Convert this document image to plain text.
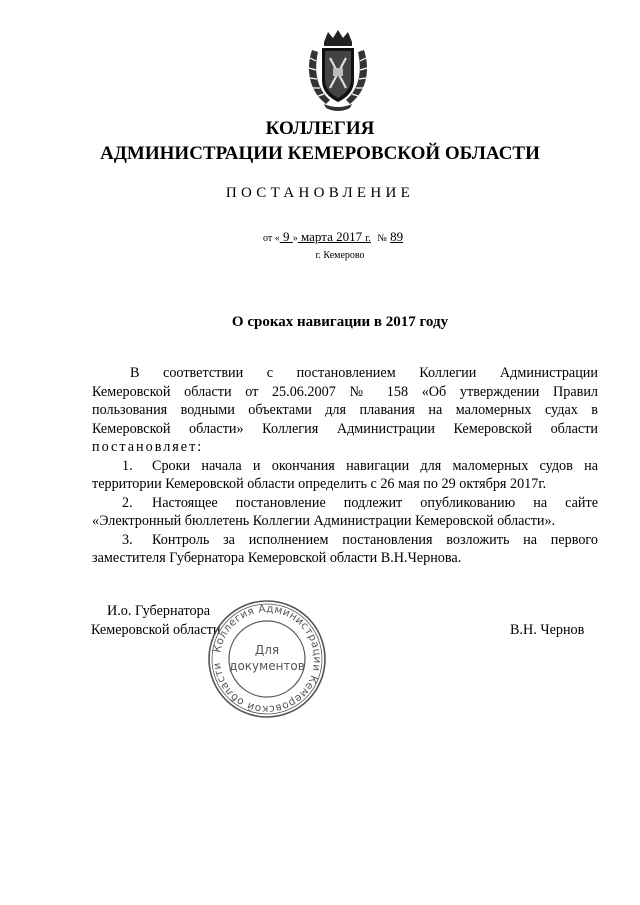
КОЛЛЕГИЯ
АДМИНИСТРАЦИИ КЕМЕРОВСКОЙ ОБЛАСТИ
ПОСТАНОВЛЕНИЕ
от « 9 » марта 2017 г. № 89
г. Кемерово
О сроках навигации в 2017 году

В соответствии с постановлением Коллегии Администрации

Кемеровской области от 25.06.2007 № 158 «Об утверждении Правил

пользования водными объектами для плавания на маломерных судах в

Кемеровской области» Коллегия Администрации Кемеровской области

постановляет:

1. Сроки начала и окончания навигации для маломерных судов на

территории Кемеровской области определить с 26 мая по 29 октября 2017г.

2. Настоящее постановление подлежит опубликованию на сайте

«Электронный бюллетень Коллегии Администрации Кемеровской области».

3. Контроль за исполнением постановления возложить на первого

заместителя Губернатора Кемеровской области В.Н.Чернова.

И.о. Губернатора
Кемеровской области	В.Н. Чернов
Коллегия Администрации Кемеровской области
Для
документов
